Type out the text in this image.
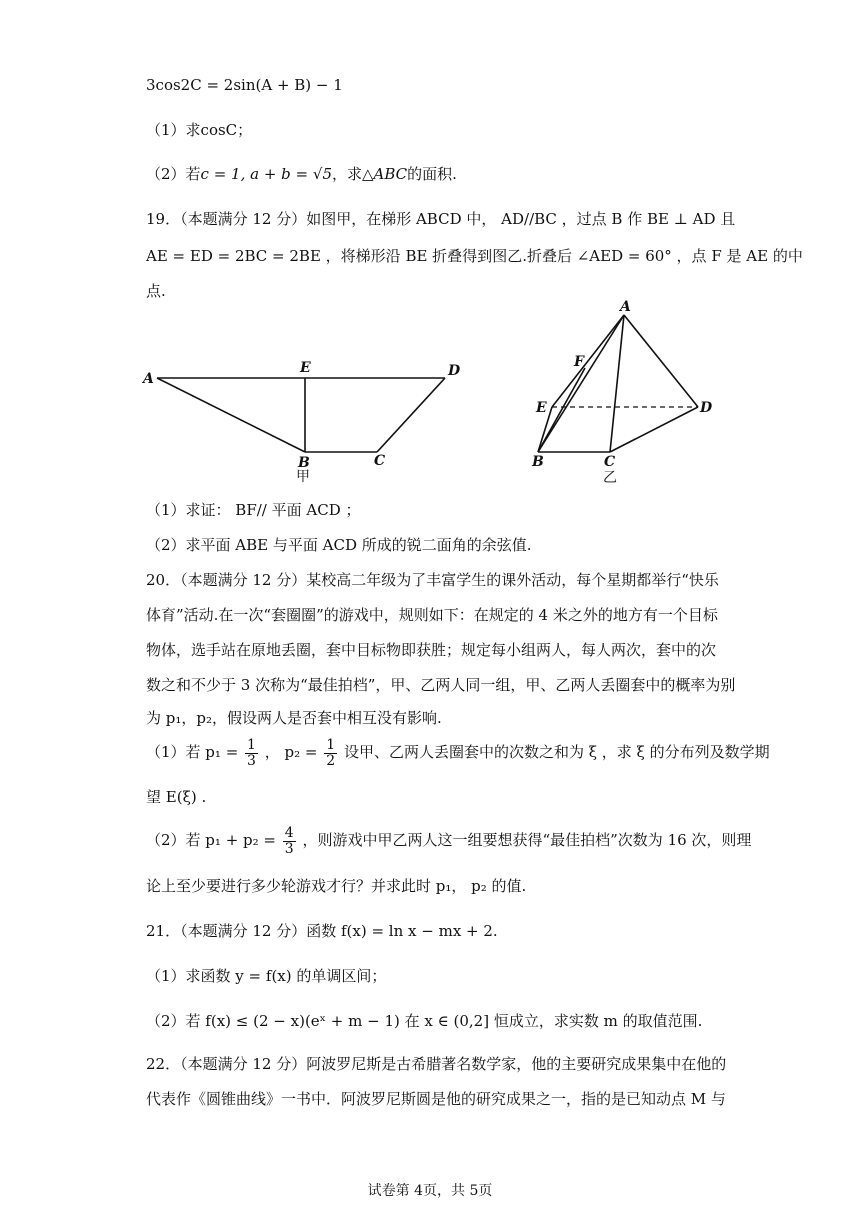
3cos2C = 2sin(A + B) − 1
（1）求cosC；
（2）若c = 1, a + b = √5，求△ABC的面积.
19．（本题满分 12 分）如图甲，在梯形 ABCD 中， AD//BC ，过点 B 作 BE ⊥ AD 且
AE = ED = 2BC = 2BE ，将梯形沿 BE 折叠得到图乙.折叠后 ∠AED = 60° ，点 F 是 AE 的中
点.
A
E	D
B	C
甲
A
F
E	D
B	C
乙
（1）求证： BF// 平面 ACD ；
（2）求平面 ABE 与平面 ACD 所成的锐二面角的余弦值.
20．（本题满分 12 分）某校高二年级为了丰富学生的课外活动，每个星期都举行“快乐
体育”活动.在一次“套圈圈”的游戏中，规则如下：在规定的 4 米之外的地方有一个目标
物体，选手站在原地丢圈，套中目标物即获胜；规定每小组两人，每人两次，套中的次
数之和不少于 3 次称为“最佳拍档”，甲、乙两人同一组，甲、乙两人丢圈套中的概率为别
为 p₁，p₂，假设两人是否套中相互没有影响.
（1）若 $p_1 = \frac{1}{3}$ ， $p_2 = \frac{1}{2}$ 设甲、乙两人丢圈套中的次数之和为 ξ ，求 ξ 的分布列及数学期
望 E(ξ) .
（2）若 $p_1 + p_2 = \frac{4}{3}$ ，则游戏中甲乙两人这一组要想获得“最佳拍档”次数为 16 次，则理
论上至少要进行多少轮游戏才行？并求此时 p₁， p₂ 的值.
21．（本题满分 12 分）函数 f(x) = ln x − mx + 2.
（1）求函数 y = f(x) 的单调区间；
（2）若 f(x) ≤ (2 − x)(eˣ + m − 1) 在 x ∈ (0,2] 恒成立，求实数 m 的取值范围.
22．（本题满分 12 分）阿波罗尼斯是古希腊著名数学家，他的主要研究成果集中在他的
代表作《圆锥曲线》一书中．阿波罗尼斯圆是他的研究成果之一，指的是已知动点 M 与
试卷第 4页，共 5页
